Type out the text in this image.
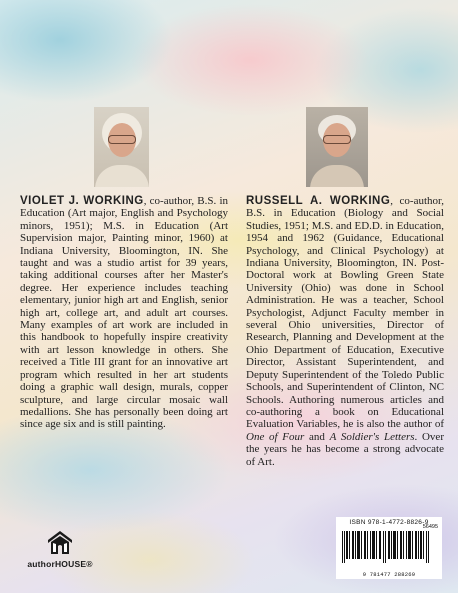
VIOLET J. WORKING, co-author, B.S. in Education (Art major, English and Psychology minors, 1951); M.S. in Education (Art Supervision major, Painting minor, 1960) at Indiana University, Bloomington, IN. She taught and was a studio artist for 39 years, taking additional courses after her Master's degree. Her experience includes teaching elementary, junior high art and English, senior high art, college art, and adult art courses. Many examples of art work are included in this handbook to hopefully inspire creativity with art lesson knowledge in others. She received a Title III grant for an innovative art program which resulted in her art students doing a graphic wall design, murals, copper sculpture, and large circular mosaic wall medallions. She has personally been doing art since age six and is still painting.
RUSSELL A. WORKING, co-author, B.S. in Education (Biology and Social Studies, 1951; M.S. and ED.D. in Education, 1954 and 1962 (Guidance, Educational Psychology, and Clinical Psychology) at Indiana University, Bloomington, IN. Post-Doctoral work at Bowling Green State University (Ohio) was done in School Administration. He was a teacher, School Psychologist, Adjunct Faculty member in several Ohio universities, Director of Research, Planning and Development at the Ohio Department of Education, Executive Director, Assistant Superintendent, and Deputy Superintendent of the Toledo Public Schools, and Superintendent of Clinton, NC Schools. Authoring numerous articles and co-authoring a book on Educational Evaluation Variables, he is also the author of One of Four and A Soldier's Letters. Over the years he has become a strong advocate of Art.
authorHOUSE®
ISBN 978-1-4772-8826-9
56495
9 781477 288269
